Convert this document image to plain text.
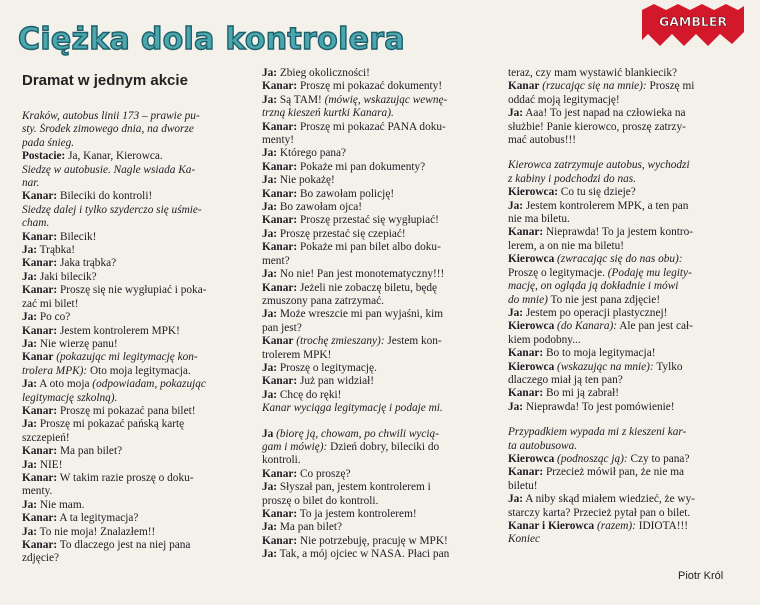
Ciężka dola kontrolera
Dramat w jednym akcie
GAMBLER
Kraków, autobus linii 173 – prawie pu-
sty. Środek zimowego dnia, na dworze
pada śnieg.
Postacie: Ja, Kanar, Kierowca.
Siedzę w autobusie. Nagle wsiada Ka-
nar.
Kanar: Bileciki do kontroli!
Siedzę dalej i tylko szyderczo się uśmie-
cham.
Kanar: Bilecik!
Ja: Trąbka!
Kanar: Jaka trąbka?
Ja: Jaki bilecik?
Kanar: Proszę się nie wygłupiać i poka-
zać mi bilet!
Ja: Po co?
Kanar: Jestem kontrolerem MPK!
Ja: Nie wierzę panu!
Kanar (pokazując mi legitymację kon-
trolera MPK): Oto moja legitymacja.
Ja: A oto moja (odpowiadam, pokazując
legitymację szkolną).
Kanar: Proszę mi pokazać pana bilet!
Ja: Proszę mi pokazać pańską kartę
szczepień!
Kanar: Ma pan bilet?
Ja: NIE!
Kanar: W takim razie proszę o doku-
menty.
Ja: Nie mam.
Kanar: A ta legitymacja?
Ja: To nie moja! Znalazłem!!
Kanar: To dlaczego jest na niej pana
zdjęcie?
Ja: Zbieg okoliczności!
Kanar: Proszę mi pokazać dokumenty!
Ja: Są TAM! (mówię, wskazując wewnę-
trzną kieszeń kurtki Kanara).
Kanar: Proszę mi pokazać PANA doku-
menty!
Ja: Którego pana?
Kanar: Pokaże mi pan dokumenty?
Ja: Nie pokażę!
Kanar: Bo zawołam policję!
Ja: Bo zawołam ojca!
Kanar: Proszę przestać się wygłupiać!
Ja: Proszę przestać się czepiać!
Kanar: Pokaże mi pan bilet albo doku-
ment?
Ja: No nie! Pan jest monotematyczny!!!
Kanar: Jeżeli nie zobaczę biletu, będę
zmuszony pana zatrzymać.
Ja: Może wreszcie mi pan wyjaśni, kim
pan jest?
Kanar (trochę zmieszany): Jestem kon-
trolerem MPK!
Ja: Proszę o legitymację.
Kanar: Już pan widział!
Ja: Chcę do ręki!
Kanar wyciąga legitymację i podaje mi.
Ja (biorę ją, chowam, po chwili wycią-
gam i mówię): Dzień dobry, bileciki do
kontroli.
Kanar: Co proszę?
Ja: Słyszał pan, jestem kontrolerem i
proszę o bilet do kontroli.
Kanar: To ja jestem kontrolerem!
Ja: Ma pan bilet?
Kanar: Nie potrzebuję, pracuję w MPK!
Ja: Tak, a mój ojciec w NASA. Płaci pan
teraz, czy mam wystawić blankiecik?
Kanar (rzucając się na mnie): Proszę mi
oddać moją legitymację!
Ja: Aaa! To jest napad na człowieka na
służbie! Panie kierowco, proszę zatrzy-
mać autobus!!!
Kierowca zatrzymuje autobus, wychodzi
z kabiny i podchodzi do nas.
Kierowca: Co tu się dzieje?
Ja: Jestem kontrolerem MPK, a ten pan
nie ma biletu.
Kanar: Nieprawda! To ja jestem kontro-
lerem, a on nie ma biletu!
Kierowca (zwracając się do nas obu):
Proszę o legitymacje. (Podaję mu legity-
mację, on ogląda ją dokładnie i mówi
do mnie) To nie jest pana zdjęcie!
Ja: Jestem po operacji plastycznej!
Kierowca (do Kanara): Ale pan jest cał-
kiem podobny...
Kanar: Bo to moja legitymacja!
Kierowca (wskazując na mnie): Tylko
dlaczego miał ją ten pan?
Kanar: Bo mi ją zabrał!
Ja: Nieprawda! To jest pomówienie!
Przypadkiem wypada mi z kieszeni kar-
ta autobusowa.
Kierowca (podnosząc ją): Czy to pana?
Kanar: Przecież mówił pan, że nie ma
biletu!
Ja: A niby skąd miałem wiedzieć, że wy-
starczy karta? Przecież pytał pan o bilet.
Kanar i Kierowca (razem): IDIOTA!!!
Koniec
Piotr Król
